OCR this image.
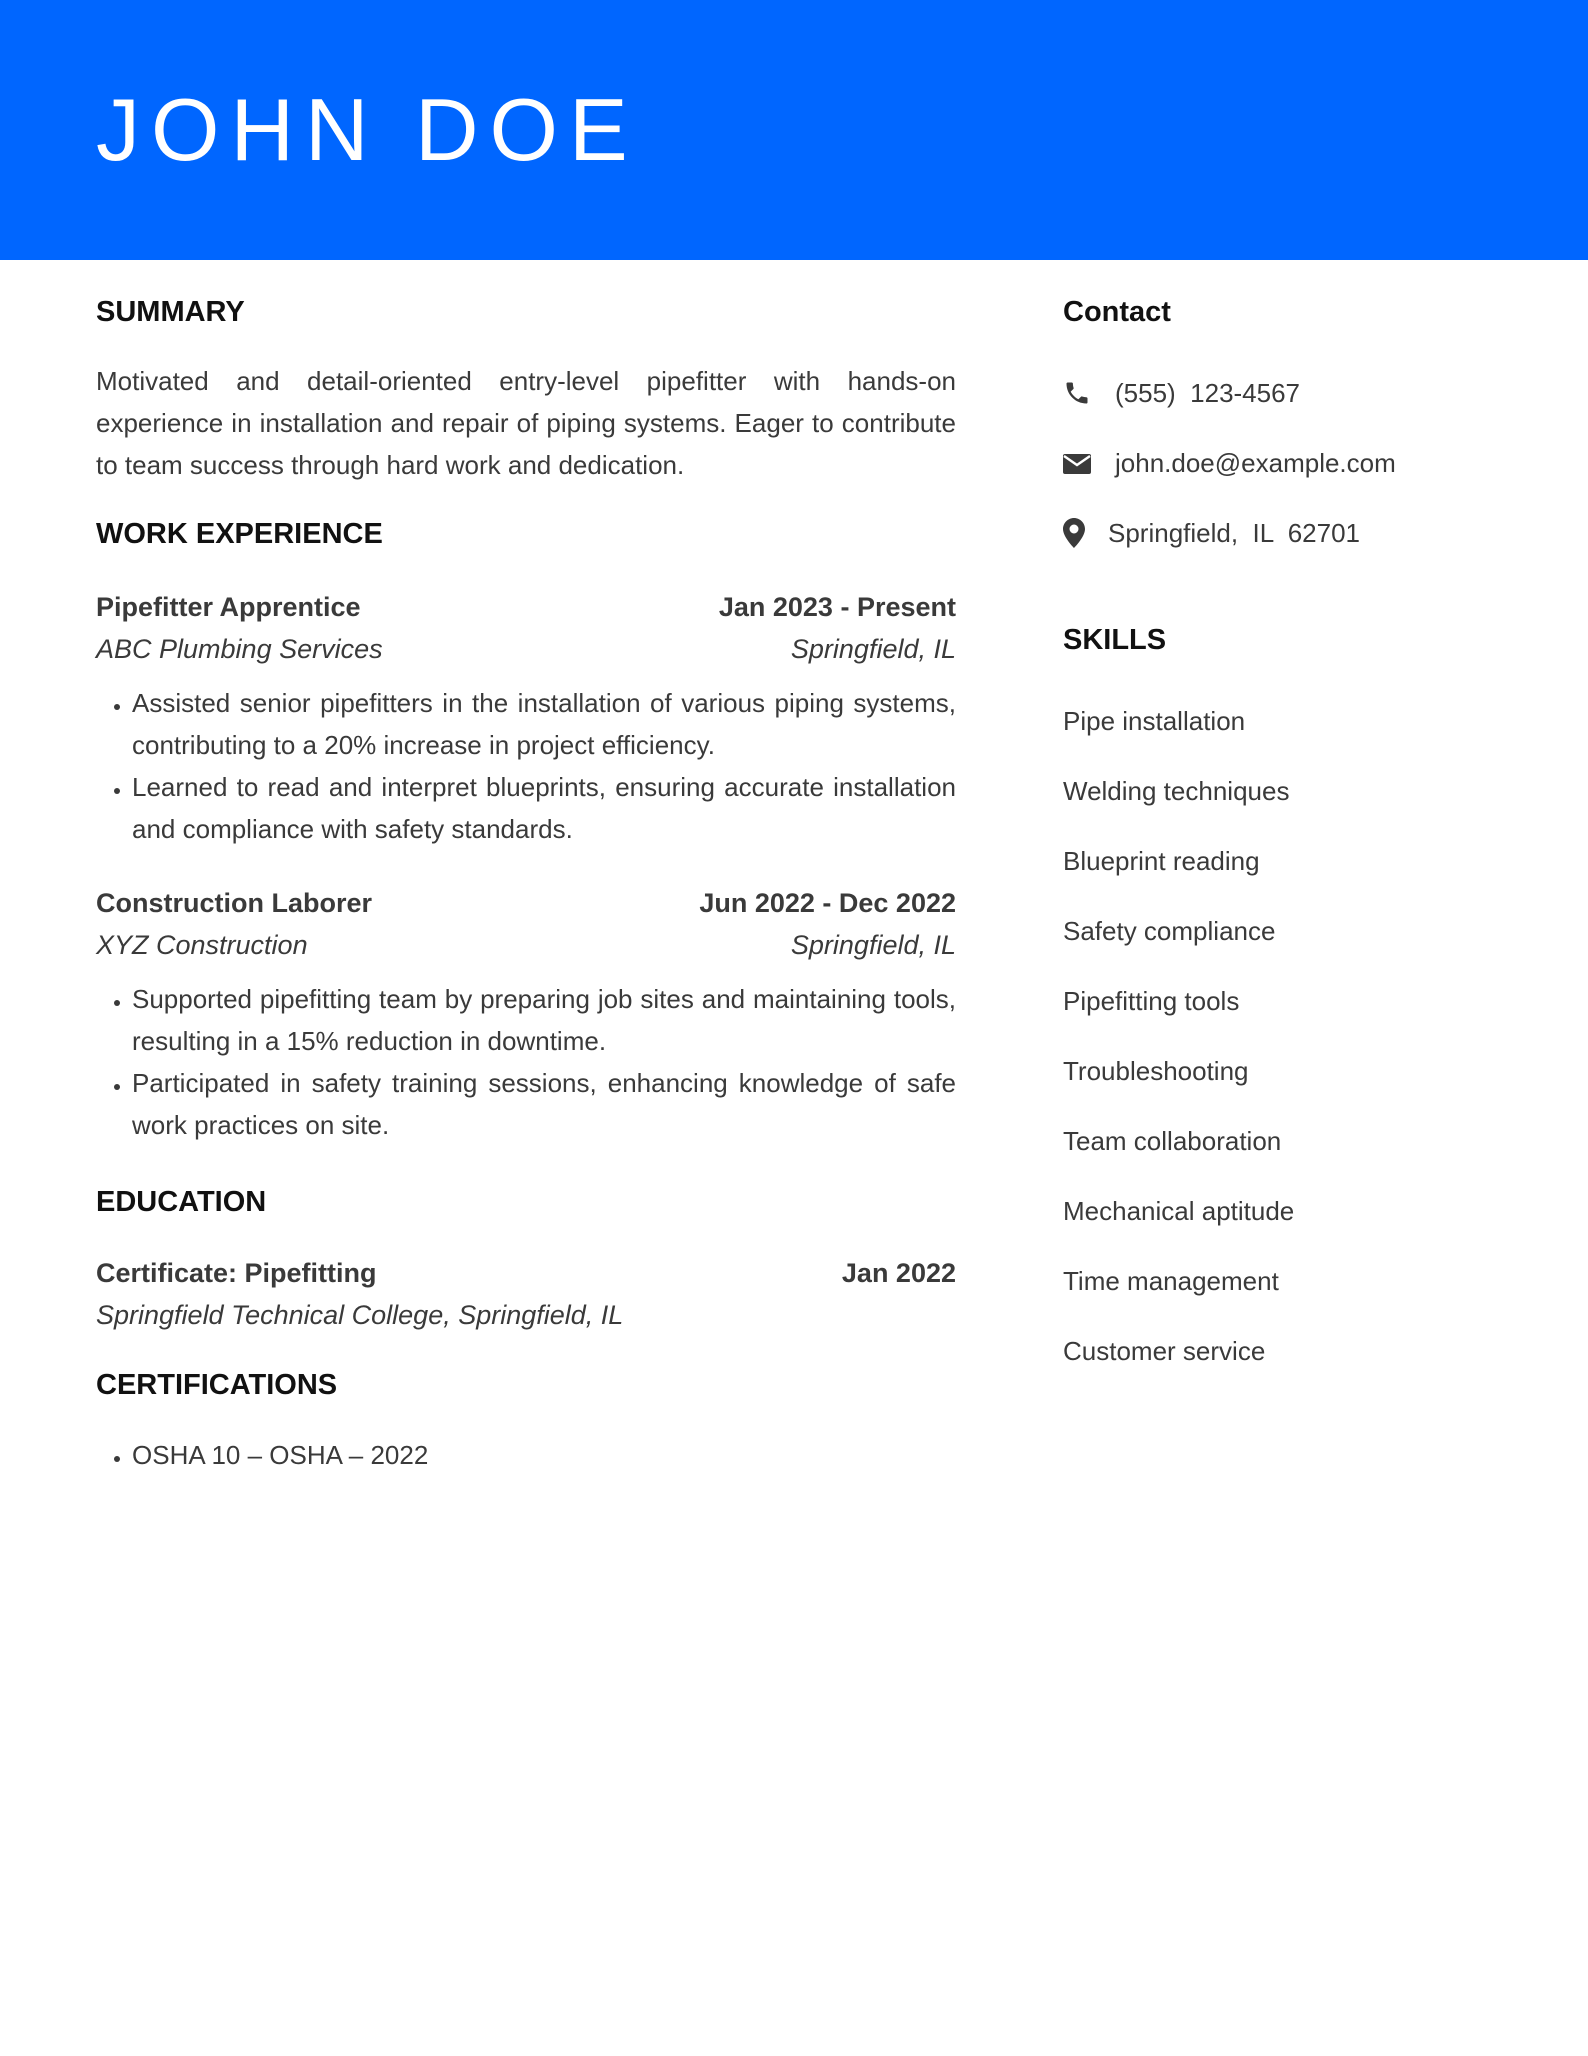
JOHN DOE
SUMMARY

Motivated and detail-oriented entry-level pipefitter with hands-on experience in installation and repair of piping systems. Eager to contribute to team success through hard work and dedication.

WORK EXPERIENCE
Pipefitter Apprentice	Jan 2023 - Present
ABC Plumbing Services	Springfield, IL
• Assisted senior pipefitters in the installation of various piping systems, contributing to a 20% increase in project efficiency.
• Learned to read and interpret blueprints, ensuring accurate installation and compliance with safety standards.
Construction Laborer	Jun 2022 - Dec 2022
XYZ Construction	Springfield, IL
• Supported pipefitting team by preparing job sites and maintaining tools, resulting in a 15% reduction in downtime.
• Participated in safety training sessions, enhancing knowledge of safe work practices on site.
EDUCATION
Certificate: Pipefitting	Jan 2022
Springfield Technical College, Springfield, IL
CERTIFICATIONS
• OSHA 10 – OSHA – 2022
Contact
(555)  123-4567
john.doe@example.com
Springfield,  IL  62701
SKILLS
Pipe installation
Welding techniques
Blueprint reading
Safety compliance
Pipefitting tools
Troubleshooting
Team collaboration
Mechanical aptitude
Time management
Customer service
